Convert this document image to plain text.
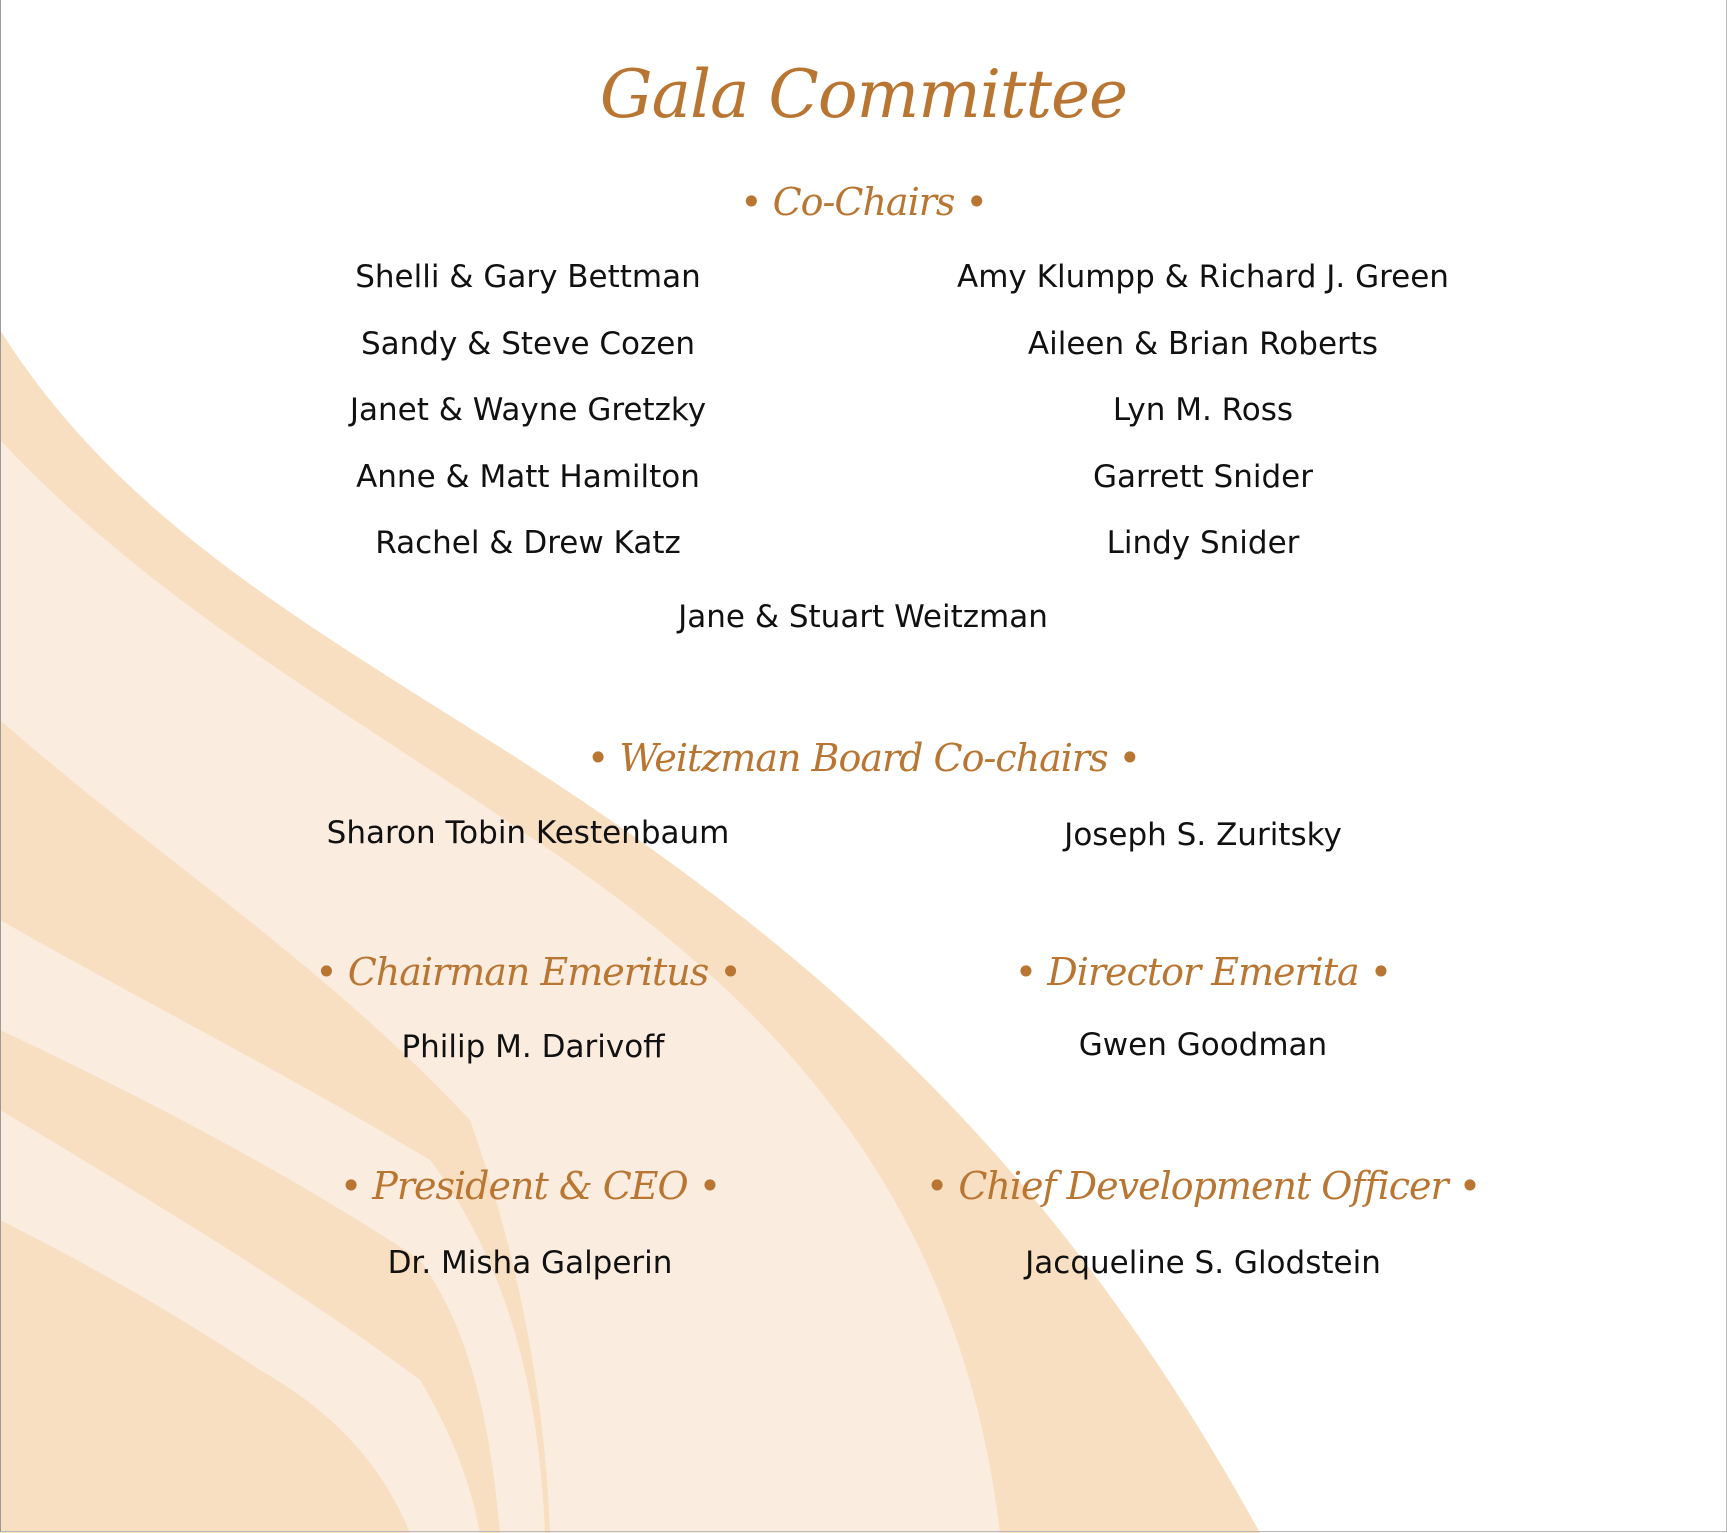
Gala Committee
• Co-Chairs •
Shelli & Gary Bettman
Sandy & Steve Cozen
Janet & Wayne Gretzky
Anne & Matt Hamilton
Rachel & Drew Katz
Amy Klumpp & Richard J. Green
Aileen & Brian Roberts
Lyn M. Ross
Garrett Snider
Lindy Snider
Jane & Stuart Weitzman
• Weitzman Board Co-chairs •
Sharon Tobin Kestenbaum	Joseph S. Zuritsky
• Chairman Emeritus •
Philip M. Darivoff
• Director Emerita •
Gwen Goodman
• President & CEO •
Dr. Misha Galperin
• Chief Development Officer •
Jacqueline S. Glodstein
